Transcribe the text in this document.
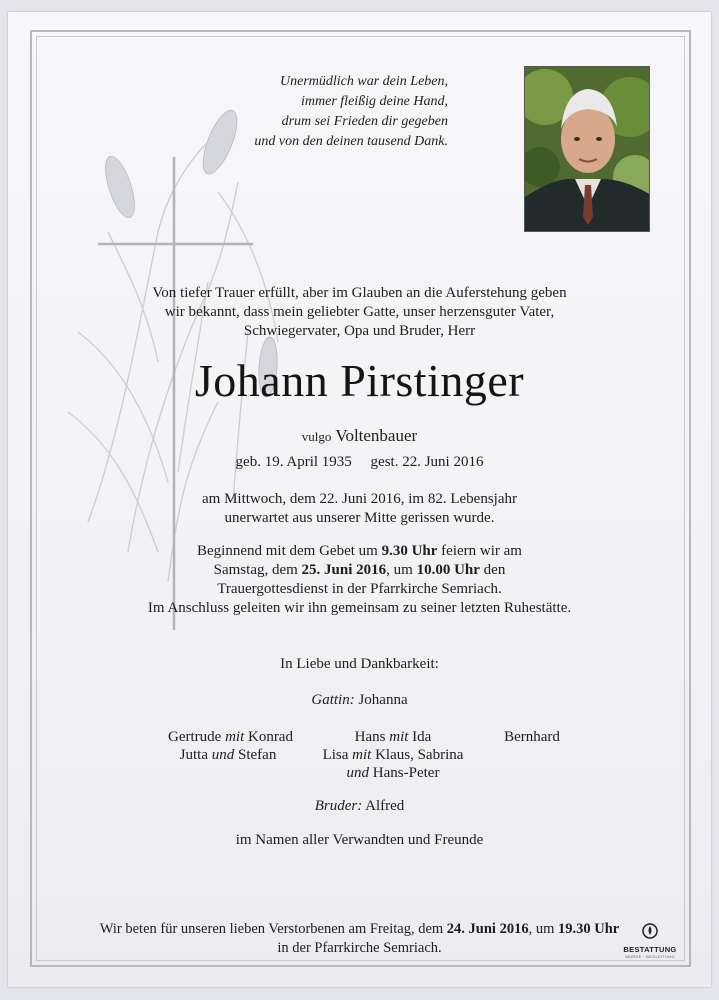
Unermüdlich war dein Leben,
immer fleißig deine Hand,
drum sei Frieden dir gegeben
und von den deinen tausend Dank.
Von tiefer Trauer erfüllt, aber im Glauben an die Auferstehung geben
wir bekannt, dass mein geliebter Gatte, unser herzensguter Vater,
Schwiegervater, Opa und Bruder, Herr
Johann Pirstinger
vulgo Voltenbauer
geb. 19. April 1935 gest. 22. Juni 2016
am Mittwoch, dem 22. Juni 2016, im 82. Lebensjahr
unerwartet aus unserer Mitte gerissen wurde.
Beginnend mit dem Gebet um 9.30 Uhr feiern wir am
Samstag, dem 25. Juni 2016, um 10.00 Uhr den
Trauergottesdienst in der Pfarrkirche Semriach.
Im Anschluss geleiten wir ihn gemeinsam zu seiner letzten Ruhestätte.
In Liebe und Dankbarkeit:
Gattin: Johanna
Gertrude mit Konrad
Jutta und Stefan
Hans mit Ida
Lisa mit Klaus, Sabrina
und Hans-Peter
Bernhard
Bruder: Alfred
im Namen aller Verwandten und Freunde
Wir beten für unseren lieben Verstorbenen am Freitag, dem 24. Juni 2016, um 19.30 Uhr
in der Pfarrkirche Semriach.	BESTATTUNG
WÜRDE · BEGLEITUNG
